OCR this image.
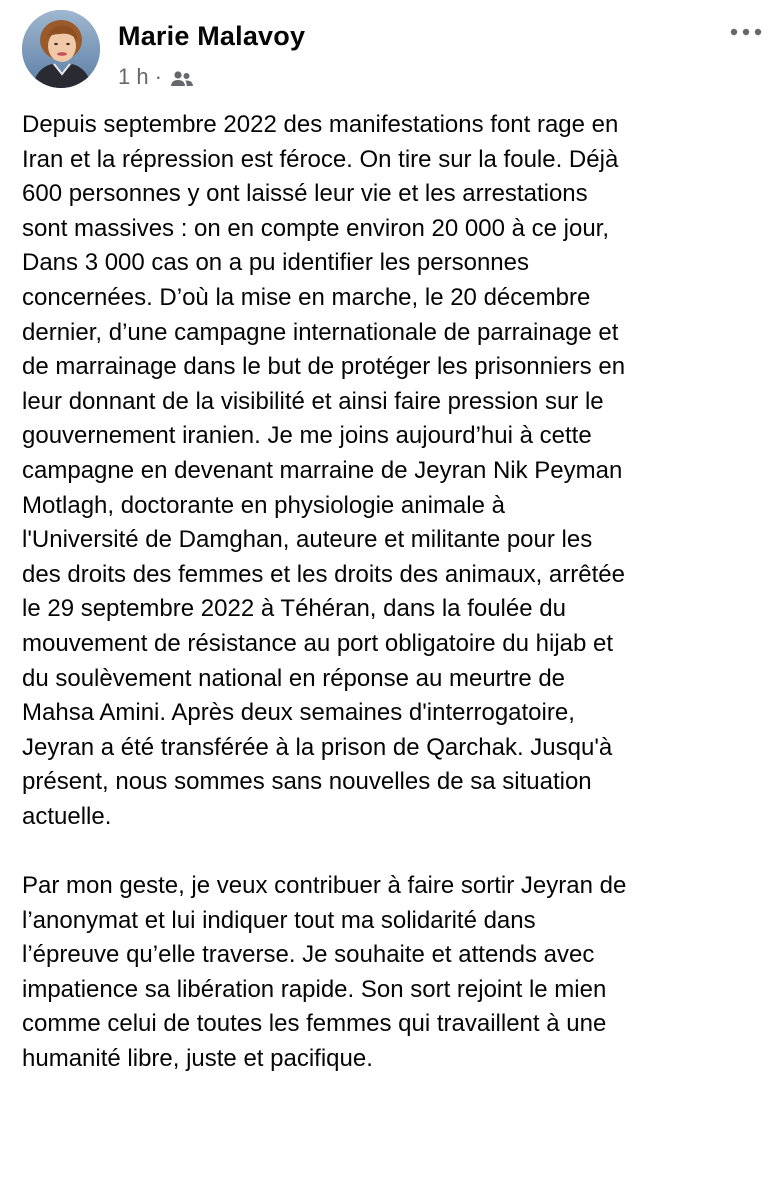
Marie Malavoy
1 h ·

Depuis septembre 2022 des manifestations font rage en
Iran et la répression est féroce. On tire sur la foule. Déjà
600 personnes y ont laissé leur vie et les arrestations
sont massives : on en compte environ 20 000 à ce jour,
Dans 3 000 cas on a pu identifier les personnes
concernées. D’où la mise en marche, le 20 décembre
dernier, d’une campagne internationale de parrainage et
de marrainage dans le but de protéger les prisonniers en
leur donnant de la visibilité et ainsi faire pression sur le
gouvernement iranien. Je me joins aujourd’hui à cette
campagne en devenant marraine de Jeyran Nik Peyman
Motlagh, doctorante en physiologie animale à
l'Université de Damghan, auteure et militante pour les
des droits des femmes et les droits des animaux, arrêtée
le 29 septembre 2022 à Téhéran, dans la foulée du
mouvement de résistance au port obligatoire du hijab et
du soulèvement national en réponse au meurtre de
Mahsa Amini. Après deux semaines d'interrogatoire,
Jeyran a été transférée à la prison de Qarchak. Jusqu'à
présent, nous sommes sans nouvelles de sa situation
actuelle.

Par mon geste, je veux contribuer à faire sortir Jeyran de
l’anonymat et lui indiquer tout ma solidarité dans
l’épreuve qu’elle traverse. Je souhaite et attends avec
impatience sa libération rapide. Son sort rejoint le mien
comme celui de toutes les femmes qui travaillent à une
humanité libre, juste et pacifique.
